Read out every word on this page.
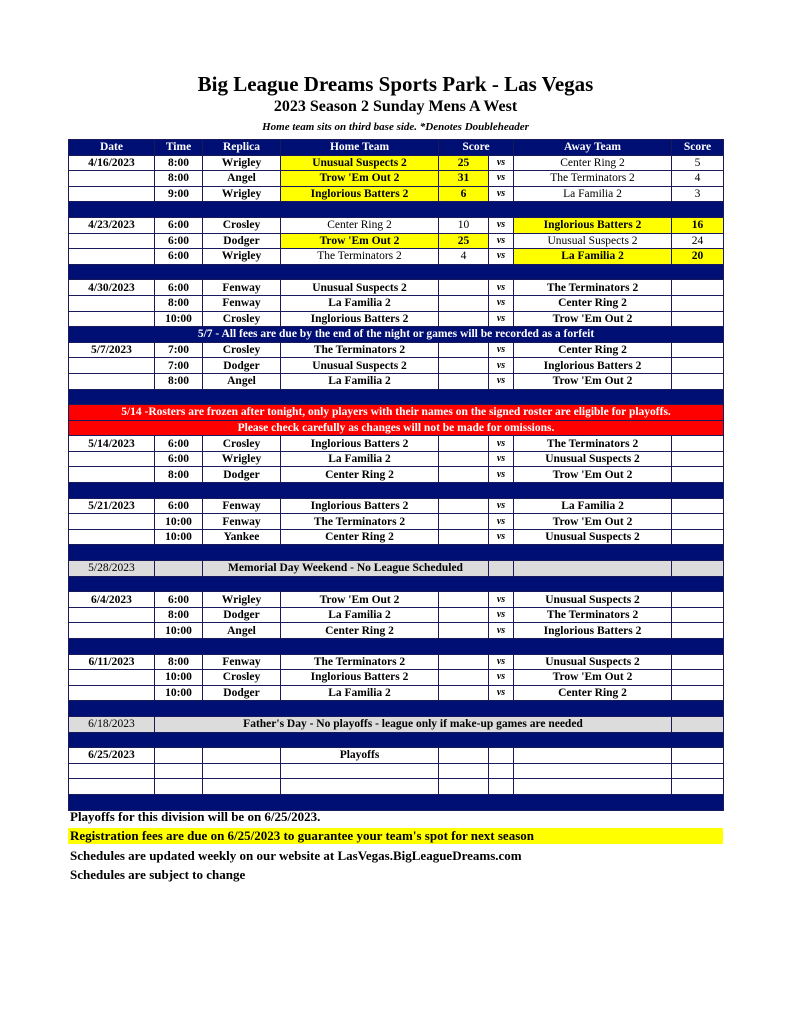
Big League Dreams Sports Park - Las Vegas
2023 Season 2 Sunday Mens A West
Home team sits on third base side. *Denotes Doubleheader
Date	Time	Replica	Home Team	Score		Away Team	Score
4/16/2023	8:00	Wrigley	Unusual Suspects 2	25	vs	Center Ring 2	5
	8:00	Angel	Trow 'Em Out 2	31	vs	The Terminators 2	4
	9:00	Wrigley	Inglorious Batters 2	6	vs	La Familia 2	3

4/23/2023	6:00	Crosley	Center Ring 2	10	vs	Inglorious Batters 2	16
	6:00	Dodger	Trow 'Em Out 2	25	vs	Unusual Suspects 2	24
	6:00	Wrigley	The Terminators 2	4	vs	La Familia 2	20

4/30/2023	6:00	Fenway	Unusual Suspects 2		vs	The Terminators 2	
	8:00	Fenway	La Familia 2		vs	Center Ring 2	
	10:00	Crosley	Inglorious Batters 2		vs	Trow 'Em Out 2	
5/7 - All fees are due by the end of the night or games will be recorded as a forfeit							
5/7/2023	7:00	Crosley	The Terminators 2		vs	Center Ring 2	
	7:00	Dodger	Unusual Suspects 2		vs	Inglorious Batters 2	
	8:00	Angel	La Familia 2		vs	Trow 'Em Out 2	

5/14 -Rosters are frozen after tonight, only players with their names on the signed roster are eligible for playoffs.							
Please check carefully as changes will not be made for omissions.							
5/14/2023	6:00	Crosley	Inglorious Batters 2		vs	The Terminators 2	
	6:00	Wrigley	La Familia 2		vs	Unusual Suspects 2	
	8:00	Dodger	Center Ring 2		vs	Trow 'Em Out 2	

5/21/2023	6:00	Fenway	Inglorious Batters 2		vs	La Familia 2	
	10:00	Fenway	The Terminators 2		vs	Trow 'Em Out 2	
	10:00	Yankee	Center Ring 2		vs	Unusual Suspects 2	

5/28/2023		Memorial Day Weekend - No League Scheduled					

6/4/2023	6:00	Wrigley	Trow 'Em Out 2		vs	Unusual Suspects 2	
	8:00	Dodger	La Familia 2		vs	The Terminators 2	
	10:00	Angel	Center Ring 2		vs	Inglorious Batters 2	

6/11/2023	8:00	Fenway	The Terminators 2		vs	Unusual Suspects 2	
	10:00	Crosley	Inglorious Batters 2		vs	Trow 'Em Out 2	
	10:00	Dodger	La Familia 2		vs	Center Ring 2	

6/18/2023	Father's Day - No playoffs - league only if make-up games are needed						

6/25/2023			Playoffs				

Playoffs for this division will be on 6/25/2023.
Registration fees are due on 6/25/2023 to guarantee your team's spot for next season
Schedules are updated weekly on our website at LasVegas.BigLeagueDreams.com
Schedules are subject to change
